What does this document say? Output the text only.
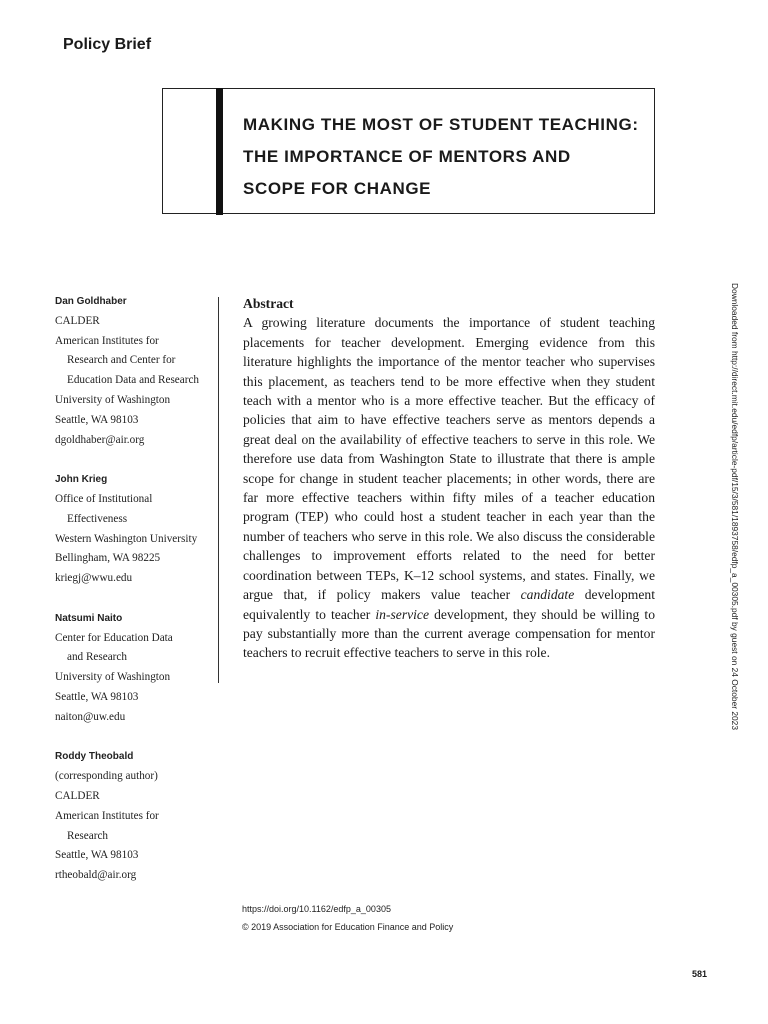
Policy Brief
MAKING THE MOST OF STUDENT TEACHING:
THE IMPORTANCE OF MENTORS AND
SCOPE FOR CHANGE
Dan Goldhaber
CALDER
American Institutes for
Research and Center for
Education Data and Research
University of Washington
Seattle, WA 98103
dgoldhaber@air.org
John Krieg
Office of Institutional
Effectiveness
Western Washington University
Bellingham, WA 98225
kriegj@wwu.edu
Natsumi Naito
Center for Education Data
and Research
University of Washington
Seattle, WA 98103
naiton@uw.edu
Roddy Theobald
(corresponding author)
CALDER
American Institutes for
Research
Seattle, WA 98103
rtheobald@air.org
Abstract

A growing literature documents the importance of student teaching placements for teacher development. Emerging evidence from this literature highlights the importance of the mentor teacher who supervises this placement, as teachers tend to be more effective when they student teach with a mentor who is a more effective teacher. But the efficacy of policies that aim to have effective teachers serve as mentors depends a great deal on the availability of effective teachers to serve in this role. We therefore use data from Washington State to illustrate that there is ample scope for change in student teacher placements; in other words, there are far more effective teachers within fifty miles of a teacher education program (TEP) who could host a student teacher in each year than the number of teachers who serve in this role. We also discuss the considerable challenges to improvement efforts related to the need for better coordination between TEPs, K–12 school systems, and states. Finally, we argue that, if policy makers value teacher candidate development equivalently to teacher in-service development, they should be willing to pay substantially more than the current average compensation for mentor teachers to recruit effective teachers to serve in this role.

https://doi.org/10.1162/edfp_a_00305
© 2019 Association for Education Finance and Policy
581
Downloaded from http://direct.mit.edu/edfp/article-pdf/15/3/581/1893758/edfp_a_00305.pdf by guest on 24 October 2023
